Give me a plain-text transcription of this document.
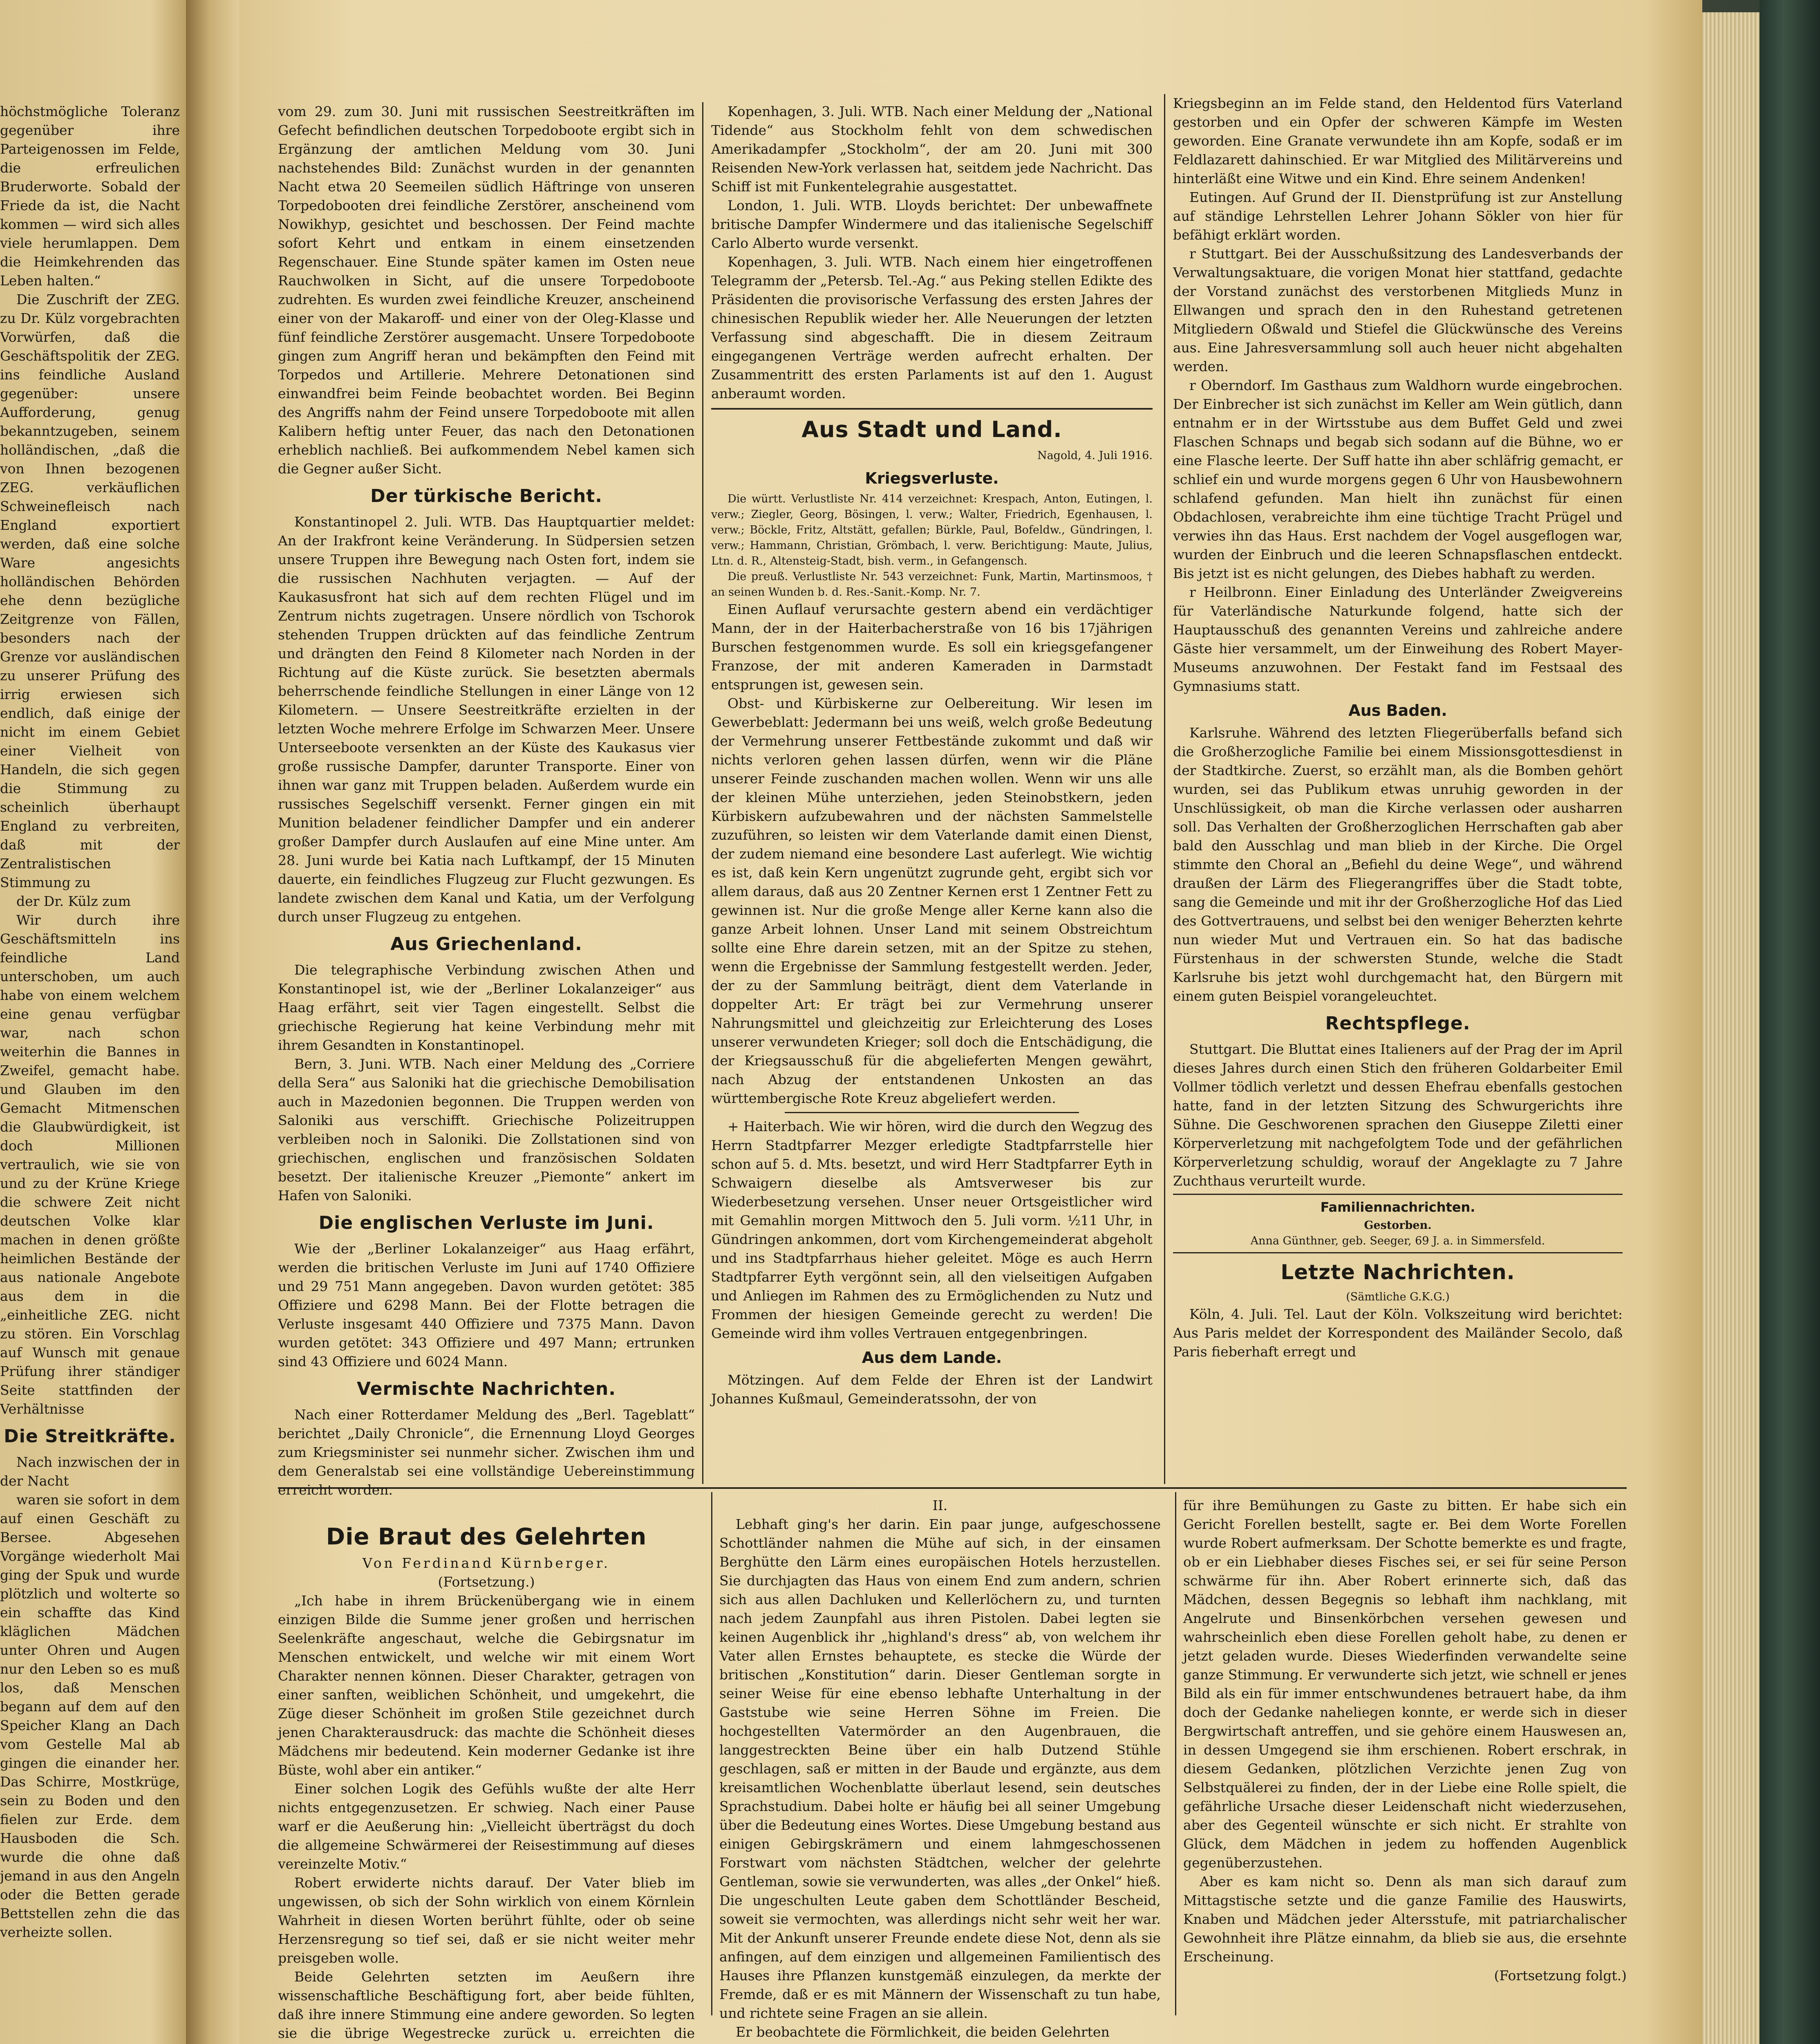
höchstmögliche Toleranz gegenüber ihre Parteigenossen im Felde, die erfreulichen Bruderworte. Sobald der Friede da ist, die Nacht kommen — wird sich alles viele herumlappen. Dem die Heimkehrenden das Leben halten.“

Die Zuschrift der ZEG. zu Dr. Külz vorgebrachten Vorwürfen, daß die Geschäftspolitik der ZEG. ins feindliche Ausland gegenüber: unsere Aufforderung, genug bekanntzugeben, seinem holländischen, „daß die von Ihnen bezogenen ZEG. verkäuflichen Schweinefleisch nach England exportiert werden, daß eine solche Ware angesichts holländischen Behörden ehe denn bezügliche Zeitgrenze von Fällen, besonders nach der Grenze vor ausländischen zu unserer Prüfung des irrig erwiesen sich endlich, daß einige der nicht im einem Gebiet einer Vielheit von Handeln, die sich gegen die Stimmung zu scheinlich überhaupt England zu verbreiten, daß mit der Zentralistischen Stimmung zu

der Dr. Külz zum

Wir durch ihre Geschäftsmitteln ins feindliche Land unterschoben, um auch habe von einem welchem eine genau verfügbar war, nach schon weiterhin die Bannes in Zweifel, gemacht habe. und Glauben im den Gemacht Mitmenschen die Glaubwürdigkeit, ist doch Millionen vertraulich, wie sie von und zu der Krüne Kriege die schwere Zeit nicht deutschen Volke klar machen in denen größte heimlichen Bestände der aus nationale Angebote aus dem in die „einheitliche ZEG. nicht zu stören. Ein Vorschlag auf Wunsch mit genaue Prüfung ihrer ständiger Seite stattfinden der Verhältnisse

Die Streitkräfte.

Nach inzwischen der in der Nacht

waren sie sofort in dem auf einen Geschäft zu Bersee. Abgesehen Vorgänge wiederholt Mai ging der Spuk und wurde plötzlich und wolterte so ein schaffte das Kind kläglichen Mädchen unter Ohren und Augen nur den Leben so es muß los, daß Menschen begann auf dem auf den Speicher Klang an Dach vom Gestelle Mal ab gingen die einander her. Das Schirre, Mostkrüge, sein zu Boden und den fielen zur Erde. dem Hausboden die Sch. wurde die ohne daß jemand in aus den Angeln oder die Betten gerade Bettstellen zehn die das verheizte sollen.

vom 29. zum 30. Juni mit russischen Seestreitkräften im Gefecht befindlichen deutschen Torpedoboote ergibt sich in Ergänzung der amtlichen Meldung vom 30. Juni nachstehendes Bild: Zunächst wurden in der genannten Nacht etwa 20 Seemeilen südlich Häftringe von unseren Torpedobooten drei feindliche Zerstörer, anscheinend vom Nowikhyp, gesichtet und beschossen. Der Feind machte sofort Kehrt und entkam in einem einsetzenden Regenschauer. Eine Stunde später kamen im Osten neue Rauchwolken in Sicht, auf die unsere Torpedoboote zudrehten. Es wurden zwei feindliche Kreuzer, anscheinend einer von der Makaroff- und einer von der Oleg-Klasse und fünf feindliche Zerstörer ausgemacht. Unsere Torpedoboote gingen zum Angriff heran und bekämpften den Feind mit Torpedos und Artillerie. Mehrere Detonationen sind einwandfrei beim Feinde beobachtet worden. Bei Beginn des Angriffs nahm der Feind unsere Torpedoboote mit allen Kalibern heftig unter Feuer, das nach den Detonationen erheblich nachließ. Bei aufkommendem Nebel kamen sich die Gegner außer Sicht.

Der türkische Bericht.

Konstantinopel 2. Juli. WTB. Das Hauptquartier meldet: An der Irakfront keine Veränderung. In Südpersien setzen unsere Truppen ihre Bewegung nach Osten fort, indem sie die russischen Nachhuten verjagten. — Auf der Kaukasusfront hat sich auf dem rechten Flügel und im Zentrum nichts zugetragen. Unsere nördlich von Tschorok stehenden Truppen drückten auf das feindliche Zentrum und drängten den Feind 8 Kilometer nach Norden in der Richtung auf die Küste zurück. Sie besetzten abermals beherrschende feindliche Stellungen in einer Länge von 12 Kilometern. — Unsere Seestreitkräfte erzielten in der letzten Woche mehrere Erfolge im Schwarzen Meer. Unsere Unterseeboote versenkten an der Küste des Kaukasus vier große russische Dampfer, darunter Transporte. Einer von ihnen war ganz mit Truppen beladen. Außerdem wurde ein russisches Segelschiff versenkt. Ferner gingen ein mit Munition beladener feindlicher Dampfer und ein anderer großer Dampfer durch Auslaufen auf eine Mine unter. Am 28. Juni wurde bei Katia nach Luftkampf, der 15 Minuten dauerte, ein feindliches Flugzeug zur Flucht gezwungen. Es landete zwischen dem Kanal und Katia, um der Verfolgung durch unser Flugzeug zu entgehen.

Aus Griechenland.

Die telegraphische Verbindung zwischen Athen und Konstantinopel ist, wie der „Berliner Lokalanzeiger“ aus Haag erfährt, seit vier Tagen eingestellt. Selbst die griechische Regierung hat keine Verbindung mehr mit ihrem Gesandten in Konstantinopel.

Bern, 3. Juni. WTB. Nach einer Meldung des „Corriere della Sera“ aus Saloniki hat die griechische Demobilisation auch in Mazedonien begonnen. Die Truppen werden von Saloniki aus verschifft. Griechische Polizeitruppen verbleiben noch in Saloniki. Die Zollstationen sind von griechischen, englischen und französischen Soldaten besetzt. Der italienische Kreuzer „Piemonte“ ankert im Hafen von Saloniki.

Die englischen Verluste im Juni.

Wie der „Berliner Lokalanzeiger“ aus Haag erfährt, werden die britischen Verluste im Juni auf 1740 Offiziere und 29 751 Mann angegeben. Davon wurden getötet: 385 Offiziere und 6298 Mann. Bei der Flotte betragen die Verluste insgesamt 440 Offiziere und 7375 Mann. Davon wurden getötet: 343 Offiziere und 497 Mann; ertrunken sind 43 Offiziere und 6024 Mann.

Vermischte Nachrichten.

Nach einer Rotterdamer Meldung des „Berl. Tageblatt“ berichtet „Daily Chronicle“, die Ernennung Lloyd Georges zum Kriegsminister sei nunmehr sicher. Zwischen ihm und dem Generalstab sei eine vollständige Uebereinstimmung erreicht worden.

Kopenhagen, 3. Juli. WTB. Nach einer Meldung der „National Tidende“ aus Stockholm fehlt von dem schwedischen Amerikadampfer „Stockholm“, der am 20. Juni mit 300 Reisenden New-York verlassen hat, seitdem jede Nachricht. Das Schiff ist mit Funkentelegrahie ausgestattet.

London, 1. Juli. WTB. Lloyds berichtet: Der unbewaffnete britische Dampfer Windermere und das italienische Segelschiff Carlo Alberto wurde versenkt.

Kopenhagen, 3. Juli. WTB. Nach einem hier eingetroffenen Telegramm der „Petersb. Tel.-Ag.“ aus Peking stellen Edikte des Präsidenten die provisorische Verfassung des ersten Jahres der chinesischen Republik wieder her. Alle Neuerungen der letzten Verfassung sind abgeschafft. Die in diesem Zeitraum eingegangenen Verträge werden aufrecht erhalten. Der Zusammentritt des ersten Parlaments ist auf den 1. August anberaumt worden.

Aus Stadt und Land.

Nagold, 4. Juli 1916.

Kriegsverluste.

Die württ. Verlustliste Nr. 414 verzeichnet: Krespach, Anton, Eutingen, l. verw.; Ziegler, Georg, Bösingen, l. verw.; Walter, Friedrich, Egenhausen, l. verw.; Böckle, Fritz, Altstätt, gefallen; Bürkle, Paul, Bofeldw., Gündringen, l. verw.; Hammann, Christian, Grömbach, l. verw. Berichtigung: Maute, Julius, Ltn. d. R., Altensteig-Stadt, bish. verm., in Gefangensch.

Die preuß. Verlustliste Nr. 543 verzeichnet: Funk, Martin, Martinsmoos, † an seinen Wunden b. d. Res.-Sanit.-Komp. Nr. 7.

Einen Auflauf verursachte gestern abend ein verdächtiger Mann, der in der Haiterbacherstraße von 16 bis 17jährigen Burschen festgenommen wurde. Es soll ein kriegsgefangener Franzose, der mit anderen Kameraden in Darmstadt entsprungen ist, gewesen sein.

Obst- und Kürbiskerne zur Oelbereitung. Wir lesen im Gewerbeblatt: Jedermann bei uns weiß, welch große Bedeutung der Vermehrung unserer Fettbestände zukommt und daß wir nichts verloren gehen lassen dürfen, wenn wir die Pläne unserer Feinde zuschanden machen wollen. Wenn wir uns alle der kleinen Mühe unterziehen, jeden Steinobstkern, jeden Kürbiskern aufzubewahren und der nächsten Sammelstelle zuzuführen, so leisten wir dem Vaterlande damit einen Dienst, der zudem niemand eine besondere Last auferlegt. Wie wichtig es ist, daß kein Kern ungenützt zugrunde geht, ergibt sich vor allem daraus, daß aus 20 Zentner Kernen erst 1 Zentner Fett zu gewinnen ist. Nur die große Menge aller Kerne kann also die ganze Arbeit lohnen. Unser Land mit seinem Obstreichtum sollte eine Ehre darein setzen, mit an der Spitze zu stehen, wenn die Ergebnisse der Sammlung festgestellt werden. Jeder, der zu der Sammlung beiträgt, dient dem Vaterlande in doppelter Art: Er trägt bei zur Vermehrung unserer Nahrungsmittel und gleichzeitig zur Erleichterung des Loses unserer verwundeten Krieger; soll doch die Entschädigung, die der Kriegsausschuß für die abgelieferten Mengen gewährt, nach Abzug der entstandenen Unkosten an das württembergische Rote Kreuz abgeliefert werden.

+ Haiterbach. Wie wir hören, wird die durch den Wegzug des Herrn Stadtpfarrer Mezger erledigte Stadtpfarrstelle hier schon auf 5. d. Mts. besetzt, und wird Herr Stadtpfarrer Eyth in Schwaigern dieselbe als Amtsverweser bis zur Wiederbesetzung versehen. Unser neuer Ortsgeistlicher wird mit Gemahlin morgen Mittwoch den 5. Juli vorm. ½11 Uhr, in Gündringen ankommen, dort vom Kirchengemeinderat abgeholt und ins Stadtpfarrhaus hieher geleitet. Möge es auch Herrn Stadtpfarrer Eyth vergönnt sein, all den vielseitigen Aufgaben und Anliegen im Rahmen des zu Ermöglichenden zu Nutz und Frommen der hiesigen Gemeinde gerecht zu werden! Die Gemeinde wird ihm volles Vertrauen entgegenbringen.

Aus dem Lande.

Mötzingen. Auf dem Felde der Ehren ist der Landwirt Johannes Kußmaul, Gemeinderatssohn, der von

Kriegsbeginn an im Felde stand, den Heldentod fürs Vaterland gestorben und ein Opfer der schweren Kämpfe im Westen geworden. Eine Granate verwundete ihn am Kopfe, sodaß er im Feldlazarett dahinschied. Er war Mitglied des Militärvereins und hinterläßt eine Witwe und ein Kind. Ehre seinem Andenken!

Eutingen. Auf Grund der II. Dienstprüfung ist zur Anstellung auf ständige Lehrstellen Lehrer Johann Sökler von hier für befähigt erklärt worden.

r Stuttgart. Bei der Ausschußsitzung des Landesverbands der Verwaltungsaktuare, die vorigen Monat hier stattfand, gedachte der Vorstand zunächst des verstorbenen Mitglieds Munz in Ellwangen und sprach den in den Ruhestand getretenen Mitgliedern Oßwald und Stiefel die Glückwünsche des Vereins aus. Eine Jahresversammlung soll auch heuer nicht abgehalten werden.

r Oberndorf. Im Gasthaus zum Waldhorn wurde eingebrochen. Der Einbrecher ist sich zunächst im Keller am Wein gütlich, dann entnahm er in der Wirtsstube aus dem Buffet Geld und zwei Flaschen Schnaps und begab sich sodann auf die Bühne, wo er eine Flasche leerte. Der Suff hatte ihn aber schläfrig gemacht, er schlief ein und wurde morgens gegen 6 Uhr von Hausbewohnern schlafend gefunden. Man hielt ihn zunächst für einen Obdachlosen, verabreichte ihm eine tüchtige Tracht Prügel und verwies ihn das Haus. Erst nachdem der Vogel ausgeflogen war, wurden der Einbruch und die leeren Schnapsflaschen entdeckt. Bis jetzt ist es nicht gelungen, des Diebes habhaft zu werden.

r Heilbronn. Einer Einladung des Unterländer Zweigvereins für Vaterländische Naturkunde folgend, hatte sich der Hauptausschuß des genannten Vereins und zahlreiche andere Gäste hier versammelt, um der Einweihung des Robert Mayer-Museums anzuwohnen. Der Festakt fand im Festsaal des Gymnasiums statt.

Aus Baden.

Karlsruhe. Während des letzten Fliegerüberfalls befand sich die Großherzogliche Familie bei einem Missionsgottesdienst in der Stadtkirche. Zuerst, so erzählt man, als die Bomben gehört wurden, sei das Publikum etwas unruhig geworden in der Unschlüssigkeit, ob man die Kirche verlassen oder ausharren soll. Das Verhalten der Großherzoglichen Herrschaften gab aber bald den Ausschlag und man blieb in der Kirche. Die Orgel stimmte den Choral an „Befiehl du deine Wege“, und während draußen der Lärm des Fliegerangriffes über die Stadt tobte, sang die Gemeinde und mit ihr der Großherzogliche Hof das Lied des Gottvertrauens, und selbst bei den weniger Beherzten kehrte nun wieder Mut und Vertrauen ein. So hat das badische Fürstenhaus in der schwersten Stunde, welche die Stadt Karlsruhe bis jetzt wohl durchgemacht hat, den Bürgern mit einem guten Beispiel vorangeleuchtet.

Rechtspflege.

Stuttgart. Die Bluttat eines Italieners auf der Prag der im April dieses Jahres durch einen Stich den früheren Goldarbeiter Emil Vollmer tödlich verletzt und dessen Ehefrau ebenfalls gestochen hatte, fand in der letzten Sitzung des Schwurgerichts ihre Sühne. Die Geschworenen sprachen den Giuseppe Ziletti einer Körperverletzung mit nachgefolgtem Tode und der gefährlichen Körperverletzung schuldig, worauf der Angeklagte zu 7 Jahre Zuchthaus verurteilt wurde.

Familiennachrichten.

Gestorben.

Anna Günthner, geb. Seeger, 69 J. a. in Simmersfeld.

Letzte Nachrichten.

(Sämtliche G.K.G.)

Köln, 4. Juli. Tel. Laut der Köln. Volkszeitung wird berichtet: Aus Paris meldet der Korrespondent des Mailänder Secolo, daß Paris fieberhaft erregt und

Die Braut des Gelehrten

Von Ferdinand Kürnberger.

(Fortsetzung.)

„Ich habe in ihrem Brückenübergang wie in einem einzigen Bilde die Summe jener großen und herrischen Seelenkräfte angeschaut, welche die Gebirgsnatur im Menschen entwickelt, und welche wir mit einem Wort Charakter nennen können. Dieser Charakter, getragen von einer sanften, weiblichen Schönheit, und umgekehrt, die Züge dieser Schönheit im großen Stile gezeichnet durch jenen Charakterausdruck: das machte die Schönheit dieses Mädchens mir bedeutend. Kein moderner Gedanke ist ihre Büste, wohl aber ein antiker.“

Einer solchen Logik des Gefühls wußte der alte Herr nichts entgegenzusetzen. Er schwieg. Nach einer Pause warf er die Aeußerung hin: „Vielleicht überträgst du doch die allgemeine Schwärmerei der Reisestimmung auf dieses vereinzelte Motiv.“

Robert erwiderte nichts darauf. Der Vater blieb im ungewissen, ob sich der Sohn wirklich von einem Körnlein Wahrheit in diesen Worten berührt fühlte, oder ob seine Herzensregung so tief sei, daß er sie nicht weiter mehr preisgeben wolle.

Beide Gelehrten setzten im Aeußern ihre wissenschaftliche Beschäftigung fort, aber beide fühlten, daß ihre innere Stimmung eine andere geworden. So legten sie die übrige Wegestrecke zurück u. erreichten die

II.

Lebhaft ging's her darin. Ein paar junge, aufgeschossene Schottländer nahmen die Mühe auf sich, in der einsamen Berghütte den Lärm eines europäischen Hotels herzustellen. Sie durchjagten das Haus von einem End zum andern, schrien sich aus allen Dachluken und Kellerlöchern zu, und turnten nach jedem Zaunpfahl aus ihren Pistolen. Dabei legten sie keinen Augenblick ihr „highland's dress“ ab, von welchem ihr Vater allen Ernstes behauptete, es stecke die Würde der britischen „Konstitution“ darin. Dieser Gentleman sorgte in seiner Weise für eine ebenso lebhafte Unterhaltung in der Gaststube wie seine Herren Söhne im Freien. Die hochgestellten Vatermörder an den Augenbrauen, die langgestreckten Beine über ein halb Dutzend Stühle geschlagen, saß er mitten in der Baude und ergänzte, aus dem kreisamtlichen Wochenblatte überlaut lesend, sein deutsches Sprachstudium. Dabei holte er häufig bei all seiner Umgebung über die Bedeutung eines Wortes. Diese Umgebung bestand aus einigen Gebirgskrämern und einem lahmgeschossenen Forstwart vom nächsten Städtchen, welcher der gelehrte Gentleman, sowie sie verwunderten, was alles „der Onkel“ hieß. Die ungeschulten Leute gaben dem Schottländer Bescheid, soweit sie vermochten, was allerdings nicht sehr weit her war. Mit der Ankunft unserer Freunde endete diese Not, denn als sie anfingen, auf dem einzigen und allgemeinen Familientisch des Hauses ihre Pflanzen kunstgemäß einzulegen, da merkte der Fremde, daß er es mit Männern der Wissenschaft zu tun habe, und richtete seine Fragen an sie allein.

Er beobachtete die Förmlichkeit, die beiden Gelehrten

für ihre Bemühungen zu Gaste zu bitten. Er habe sich ein Gericht Forellen bestellt, sagte er. Bei dem Worte Forellen wurde Robert aufmerksam. Der Schotte bemerkte es und fragte, ob er ein Liebhaber dieses Fisches sei, er sei für seine Person schwärme für ihn. Aber Robert erinnerte sich, daß das Mädchen, dessen Begegnis so lebhaft ihm nachklang, mit Angelrute und Binsenkörbchen versehen gewesen und wahrscheinlich eben diese Forellen geholt habe, zu denen er jetzt geladen wurde. Dieses Wiederfinden verwandelte seine ganze Stimmung. Er verwunderte sich jetzt, wie schnell er jenes Bild als ein für immer entschwundenes betrauert habe, da ihm doch der Gedanke naheliegen konnte, er werde sich in dieser Bergwirtschaft antreffen, und sie gehöre einem Hauswesen an, in dessen Umgegend sie ihm erschienen. Robert erschrak, in diesem Gedanken, plötzlichen Verzichte jenen Zug von Selbstquälerei zu finden, der in der Liebe eine Rolle spielt, die gefährliche Ursache dieser Leidenschaft nicht wiederzusehen, aber des Gegenteil wünschte er sich nicht. Er strahlte von Glück, dem Mädchen in jedem zu hoffenden Augenblick gegenüberzustehen.

Aber es kam nicht so. Denn als man sich darauf zum Mittagstische setzte und die ganze Familie des Hauswirts, Knaben und Mädchen jeder Altersstufe, mit patriarchalischer Gewohnheit ihre Plätze einnahm, da blieb sie aus, die ersehnte Erscheinung.

(Fortsetzung folgt.)
